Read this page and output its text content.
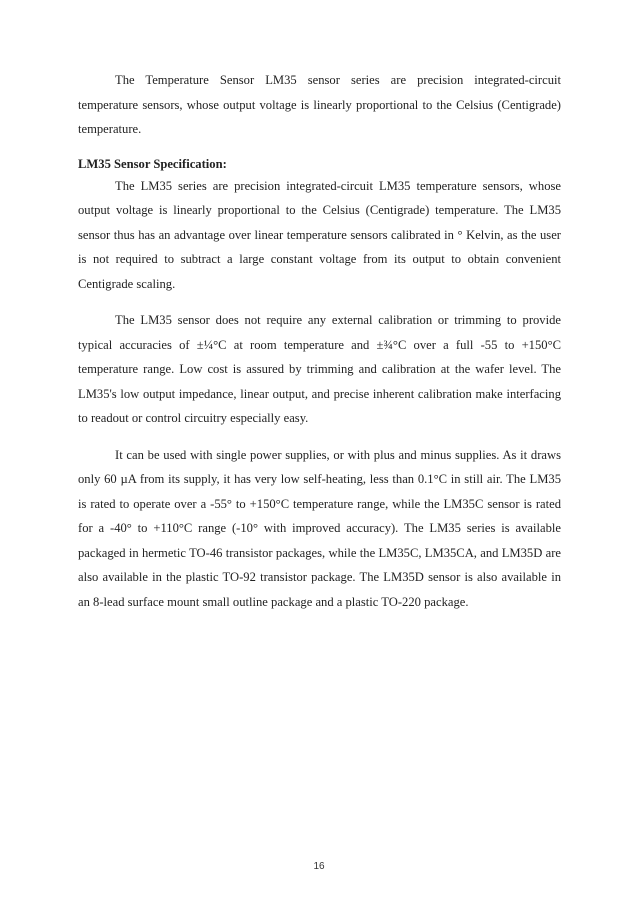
The Temperature Sensor LM35 sensor series are precision integrated-circuit temperature sensors, whose output voltage is linearly proportional to the Celsius (Centigrade) temperature.

LM35 Sensor Specification:

The LM35 series are precision integrated-circuit LM35 temperature sensors, whose output voltage is linearly proportional to the Celsius (Centigrade) temperature. The LM35 sensor thus has an advantage over linear temperature sensors calibrated in ° Kelvin, as the user is not required to subtract a large constant voltage from its output to obtain convenient Centigrade scaling.

The LM35 sensor does not require any external calibration or trimming to provide typical accuracies of ±¼°C at room temperature and ±¾°C over a full -55 to +150°C temperature range. Low cost is assured by trimming and calibration at the wafer level. The LM35's low output impedance, linear output, and precise inherent calibration make interfacing to readout or control circuitry especially easy.

It can be used with single power supplies, or with plus and minus supplies. As it draws only 60 µA from its supply, it has very low self-heating, less than 0.1°C in still air. The LM35 is rated to operate over a -55° to +150°C temperature range, while the LM35C sensor is rated for a -40° to +110°C range (-10° with improved accuracy). The LM35 series is available packaged in hermetic TO-46 transistor packages, while the LM35C, LM35CA, and LM35D are also available in the plastic TO-92 transistor package. The LM35D sensor is also available in an 8-lead surface mount small outline package and a plastic TO-220 package.

16
